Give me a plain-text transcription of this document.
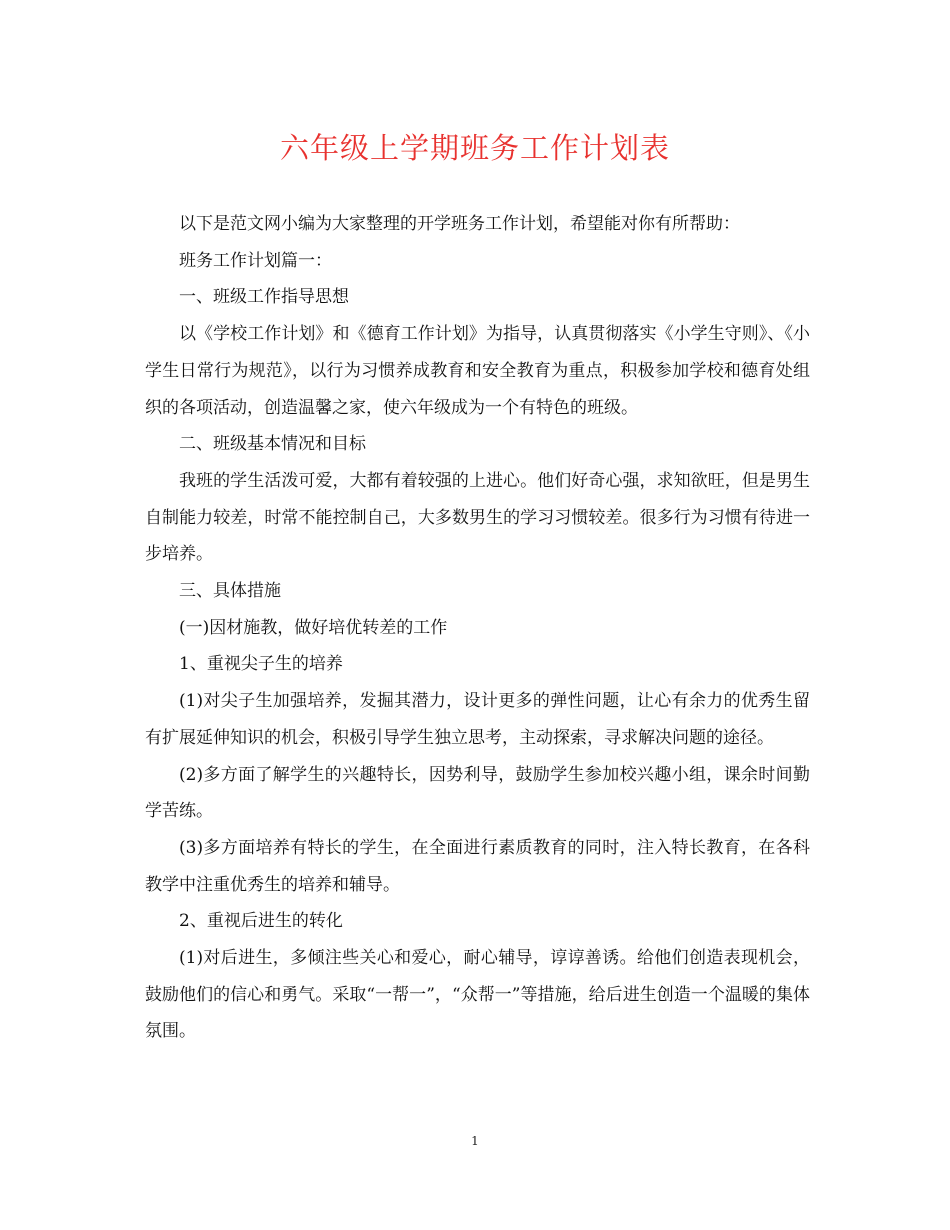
六年级上学期班务工作计划表

以下是范文网小编为大家整理的开学班务工作计划，希望能对你有所帮助：

班务工作计划篇一：

一、班级工作指导思想

以《学校工作计划》和《德育工作计划》为指导，认真贯彻落实《小学生守则》、《小学生日常行为规范》，以行为习惯养成教育和安全教育为重点，积极参加学校和德育处组织的各项活动，创造温馨之家，使六年级成为一个有特色的班级。

二、班级基本情况和目标

我班的学生活泼可爱，大都有着较强的上进心。他们好奇心强，求知欲旺，但是男生自制能力较差，时常不能控制自己，大多数男生的学习习惯较差。很多行为习惯有待进一步培养。

三、具体措施

(一)因材施教，做好培优转差的工作

1、重视尖子生的培养

(1)对尖子生加强培养，发掘其潜力，设计更多的弹性问题，让心有余力的优秀生留有扩展延伸知识的机会，积极引导学生独立思考，主动探索，寻求解决问题的途径。

(2)多方面了解学生的兴趣特长，因势利导，鼓励学生参加校兴趣小组，课余时间勤学苦练。

(3)多方面培养有特长的学生，在全面进行素质教育的同时，注入特长教育，在各科教学中注重优秀生的培养和辅导。

2、重视后进生的转化

(1)对后进生，多倾注些关心和爱心，耐心辅导，谆谆善诱。给他们创造表现机会，鼓励他们的信心和勇气。采取“一帮一”，“众帮一”等措施，给后进生创造一个温暖的集体氛围。

1
